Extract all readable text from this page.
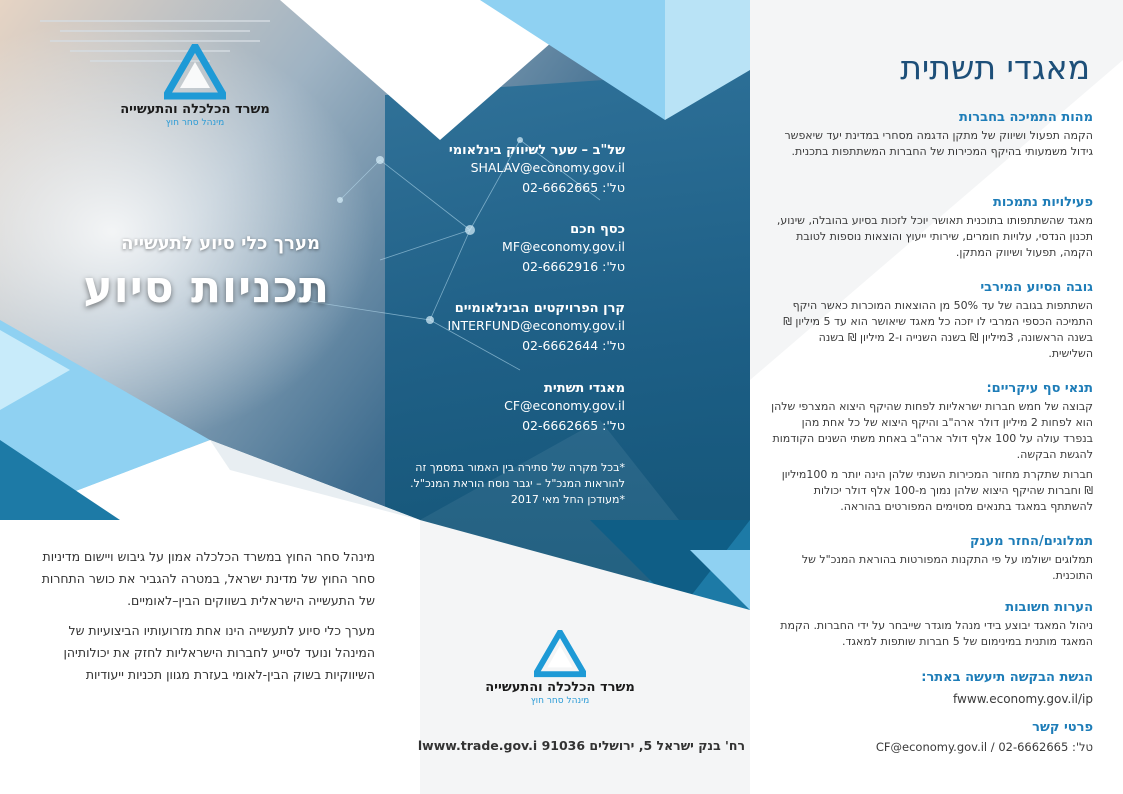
משרד הכלכלה והתעשייה
מינהל סחר חוץ
מערך כלי סיוע לתעשייה
תכניות סיוע

מינהל סחר החוץ במשרד הכלכלה אמון על גיבוש ויישום מדיניות סחר החוץ של מדינת ישראל, במטרה להגביר את כושר התחרות של התעשייה הישראלית בשווקים הבין–לאומיים.

מערך כלי סיוע לתעשייה הינו אחת מזרועותיו הביצועיות של המינהל ונועד לסייע לחברות הישראליות לחזק את יכולותיהן השיווקיות בשוק הבין-לאומי בעזרת מגוון תכניות ייעודיות

של"ב – שער לשיווק בינלאומי
SHALAV@economy.gov.il
טל': 02-6662665
כסף חכם
MF@economy.gov.il
טל': 02-6662916
קרן הפרויקטים הבינלאומיים
INTERFUND@economy.gov.il
טל': 02-6662644
מאגדי תשתית
CF@economy.gov.il
טל': 02-6662665
*בכל מקרה של סתירה בין האמור במסמך זה
להוראות המנכ"ל – יגבר נוסח הוראת המנכ"ל.
*מעודכן החל מאי 2017
משרד הכלכלה והתעשייה
מינהל סחר חוץ
רח' בנק ישראל 5, ירושלים 91036 lwww.trade.gov.i
מאגדי תשתית
מהות התמיכה בחברות

הקמה תפעול ושיווק של מתקן הדגמה מסחרי במדינת יעד שיאפשר גידול משמעותי בהיקף המכירות של החברות המשתתפות בתכנית.

פעילויות נתמכות

מאגד שהשתתפותו בתוכנית תאושר יוכל לזכות בסיוע בהובלה, שינוע, תכנון הנדסי, עלויות חומרים, שירותי ייעוץ והוצאות נוספות לטובת הקמה, תפעול ושיווק המתקן.

גובה הסיוע המירבי

השתתפות בגובה של עד 50% מן ההוצאות המוכרות כאשר היקף התמיכה הכספי המרבי לו יזכה כל מאגד שיאושר הוא עד 5 מיליון ₪ בשנה הראשונה, 3מיליון ₪ בשנה השנייה ו-2 מיליון ₪ בשנה השלישית.

תנאי סף עיקריים:

קבוצה של חמש חברות ישראליות לפחות שהיקף היצוא המצרפי שלהן הוא לפחות 2 מיליון דולר ארה"ב והיקף היצוא של כל אחת מהן בנפרד עולה על 100 אלף דולר ארה"ב באחת משתי השנים הקודמות להגשת הבקשה.

חברות שתקרת מחזור המכירות השנתי שלהן הינה יותר מ 100מיליון ₪ וחברות שהיקף היצוא שלהן נמוך מ-100 אלף דולר יכולות להשתתף במאגד בתנאים מסוימים המפורטים בהוראה.

תמלוגים/החזר מענק

תמלוגים ישולמו על פי התקנות המפורטות בהוראת המנכ"ל של התוכנית.

הערות חשובות

ניהול המאגד יבוצע בידי מנהל מוגדר שייבחר על ידי החברות. הקמת המאגד מותנית במינימום של 5 חברות שותפות למאגד.

הגשת הבקשה תיעשה באתר:

fwww.economy.gov.il/ip

פרטי קשר

טל': 02-6662665 / CF@economy.gov.il
